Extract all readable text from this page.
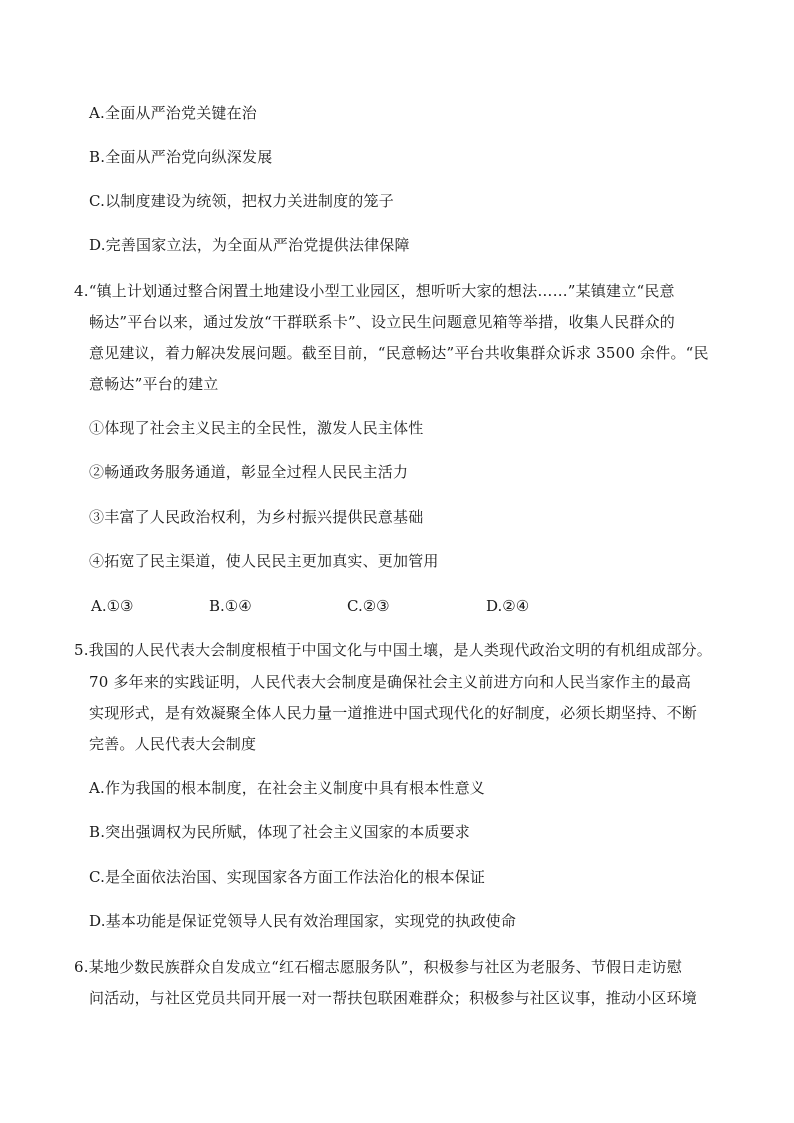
A.全面从严治党关键在治
B.全面从严治党向纵深发展
C.以制度建设为统领，把权力关进制度的笼子
D.完善国家立法，为全面从严治党提供法律保障
4.“镇上计划通过整合闲置土地建设小型工业园区，想听听大家的想法……”某镇建立“民意
畅达”平台以来，通过发放“干群联系卡”、设立民生问题意见箱等举措，收集人民群众的
意见建议，着力解决发展问题。截至目前，“民意畅达”平台共收集群众诉求 3500 余件。“民
意畅达”平台的建立
①体现了社会主义民主的全民性，激发人民主体性
②畅通政务服务通道，彰显全过程人民民主活力
③丰富了人民政治权利，为乡村振兴提供民意基础
④拓宽了民主渠道，使人民民主更加真实、更加管用
A.①③	B.①④	C.②③	D.②④
5.我国的人民代表大会制度根植于中国文化与中国土壤，是人类现代政治文明的有机组成部分。
70 多年来的实践证明，人民代表大会制度是确保社会主义前进方向和人民当家作主的最高
实现形式，是有效凝聚全体人民力量一道推进中国式现代化的好制度，必须长期坚持、不断
完善。人民代表大会制度
A.作为我国的根本制度，在社会主义制度中具有根本性意义
B.突出强调权为民所赋，体现了社会主义国家的本质要求
C.是全面依法治国、实现国家各方面工作法治化的根本保证
D.基本功能是保证党领导人民有效治理国家，实现党的执政使命
6.某地少数民族群众自发成立“红石榴志愿服务队”，积极参与社区为老服务、节假日走访慰
问活动，与社区党员共同开展一对一帮扶包联困难群众；积极参与社区议事，推动小区环境
